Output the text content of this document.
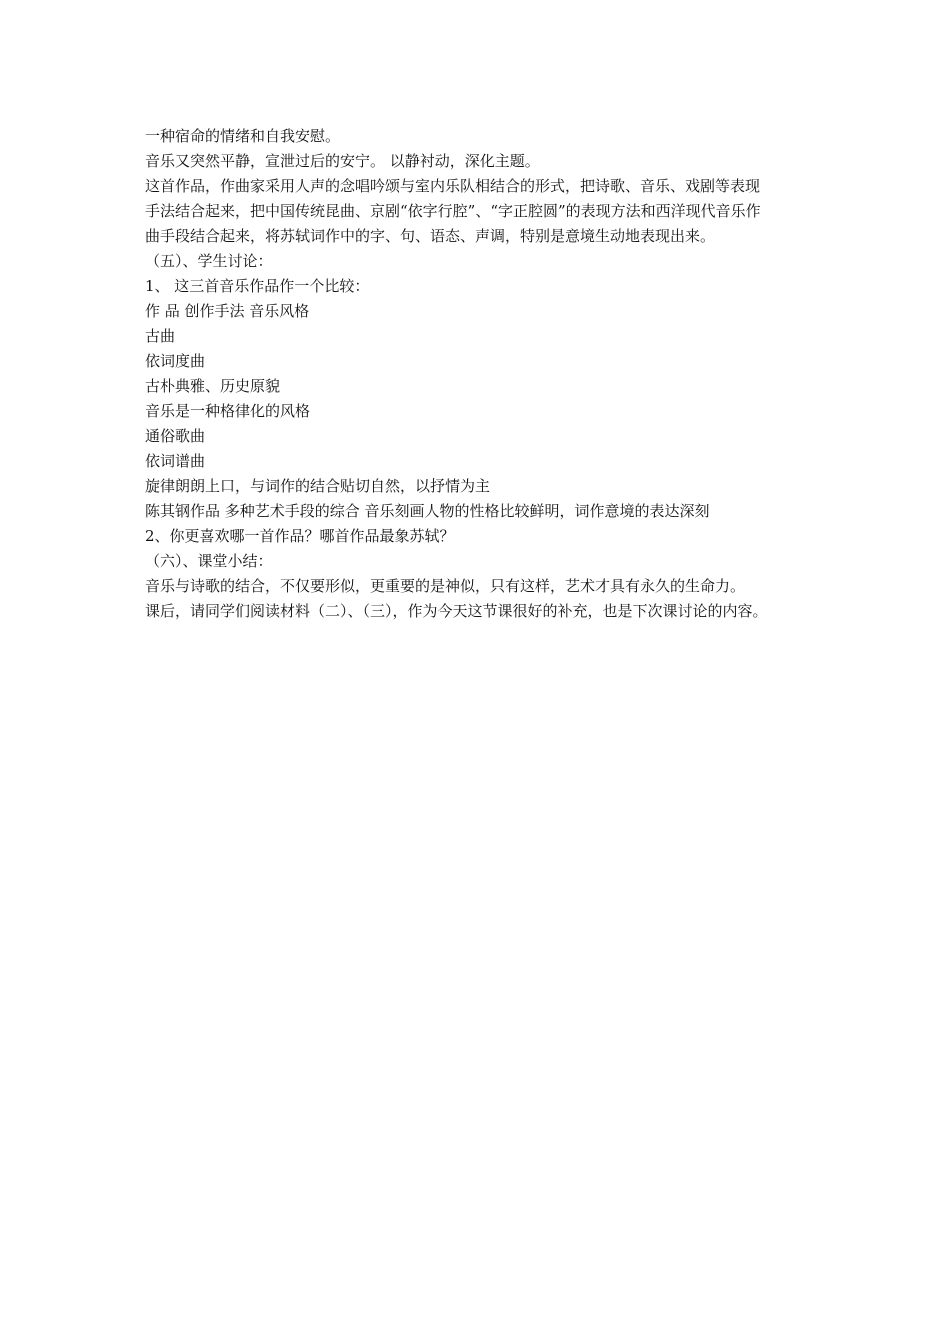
一种宿命的情绪和自我安慰。
音乐又突然平静，宣泄过后的安宁。 以静衬动，深化主题。
这首作品，作曲家采用人声的念唱吟颂与室内乐队相结合的形式，把诗歌、音乐、戏剧等表现
手法结合起来，把中国传统昆曲、京剧“依字行腔”、“字正腔圆”的表现方法和西洋现代音乐作
曲手段结合起来，将苏轼词作中的字、句、语态、声调，特别是意境生动地表现出来。
（五）、学生讨论：
1、 这三首音乐作品作一个比较：
作 品 创作手法 音乐风格
古曲
依词度曲
古朴典雅、历史原貌
音乐是一种格律化的风格
通俗歌曲
依词谱曲
旋律朗朗上口，与词作的结合贴切自然，以抒情为主
陈其钢作品 多种艺术手段的综合 音乐刻画人物的性格比较鲜明，词作意境的表达深刻
2、你更喜欢哪一首作品？哪首作品最象苏轼？
（六）、课堂小结：
音乐与诗歌的结合，不仅要形似，更重要的是神似，只有这样，艺术才具有永久的生命力。
课后，请同学们阅读材料（二）、（三），作为今天这节课很好的补充，也是下次课讨论的内容。
